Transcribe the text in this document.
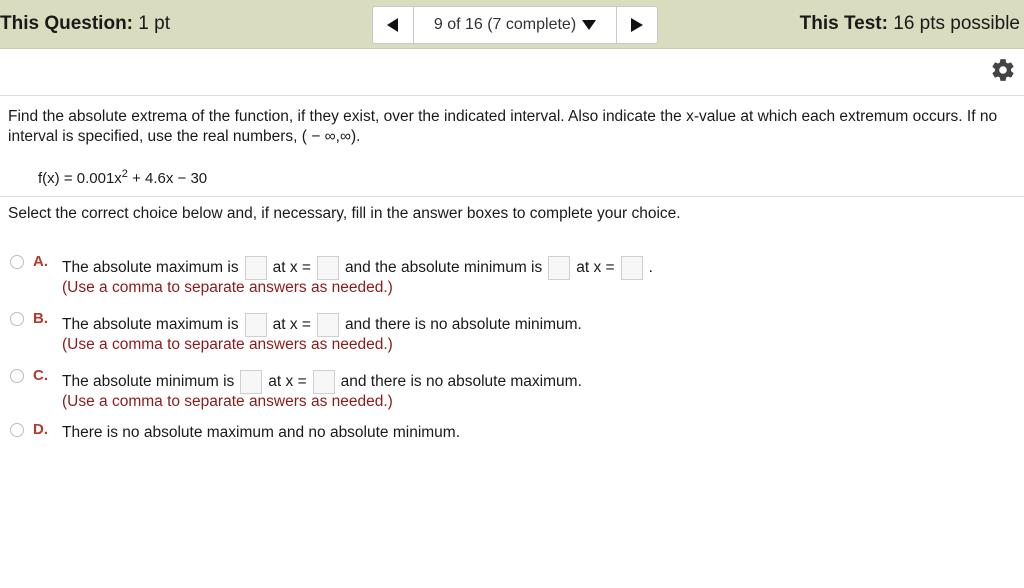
This Question: 1 pt	9 of 16 (7 complete)	This Test: 16 pts possible
Find the absolute extrema of the function, if they exist, over the indicated interval. Also indicate the x-value at which each extremum occurs. If no interval is specified, use the real numbers, ( − ∞,∞).
$f(x) = 0.001x^2 + 4.6x - 30$
Select the correct choice below and, if necessary, fill in the answer boxes to complete your choice.
A. The absolute maximum is at x = and the absolute minimum is at x = .
(Use a comma to separate answers as needed.)
B. The absolute maximum is at x = and there is no absolute minimum.
(Use a comma to separate answers as needed.)
C. The absolute minimum is at x = and there is no absolute maximum.
(Use a comma to separate answers as needed.)
D. There is no absolute maximum and no absolute minimum.
